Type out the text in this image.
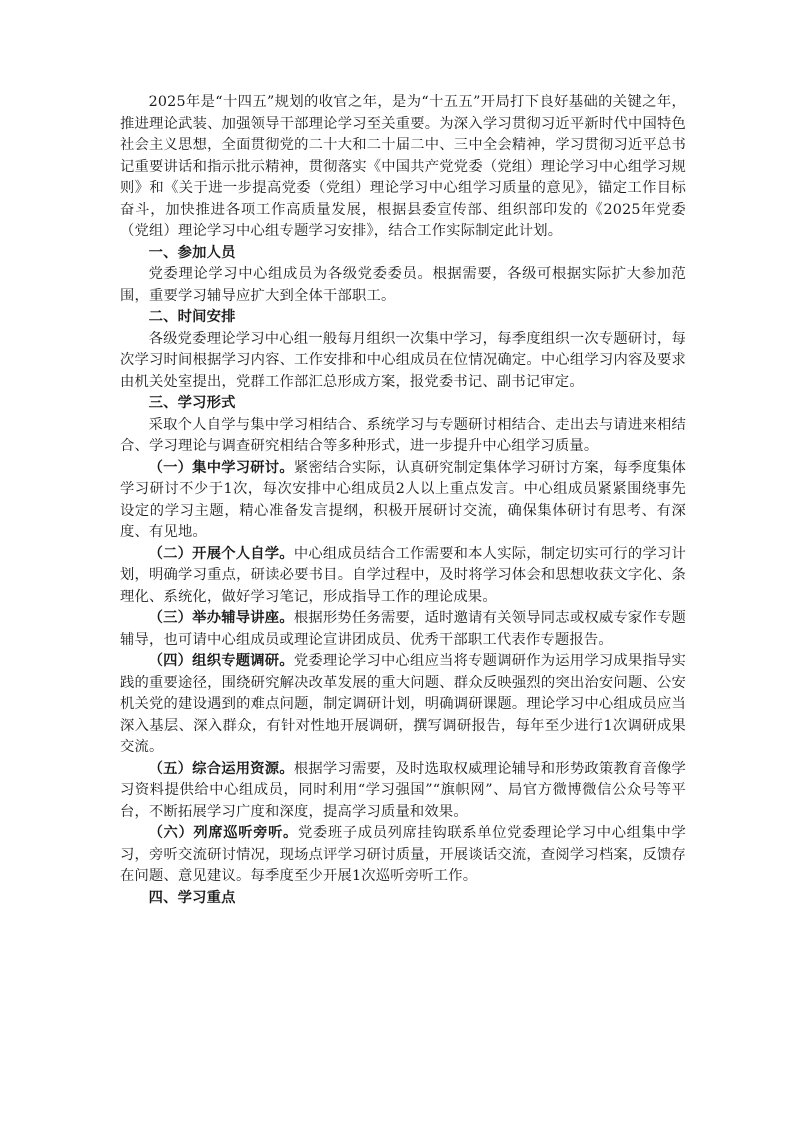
2025年是“十四五”规划的收官之年，是为“十五五”开局打下良好基础的关键之年，推进理论武装、加强领导干部理论学习至关重要。为深入学习贯彻习近平新时代中国特色社会主义思想，全面贯彻党的二十大和二十届二中、三中全会精神，学习贯彻习近平总书记重要讲话和指示批示精神，贯彻落实《中国共产党党委（党组）理论学习中心组学习规则》和《关于进一步提高党委（党组）理论学习中心组学习质量的意见》，锚定工作目标奋斗，加快推进各项工作高质量发展，根据县委宣传部、组织部印发的《2025年党委（党组）理论学习中心组专题学习安排》，结合工作实际制定此计划。

一、参加人员

党委理论学习中心组成员为各级党委委员。根据需要，各级可根据实际扩大参加范围，重要学习辅导应扩大到全体干部职工。

二、时间安排

各级党委理论学习中心组一般每月组织一次集中学习，每季度组织一次专题研讨，每次学习时间根据学习内容、工作安排和中心组成员在位情况确定。中心组学习内容及要求由机关处室提出，党群工作部汇总形成方案，报党委书记、副书记审定。

三、学习形式

采取个人自学与集中学习相结合、系统学习与专题研讨相结合、走出去与请进来相结合、学习理论与调查研究相结合等多种形式，进一步提升中心组学习质量。

（一）集中学习研讨。紧密结合实际，认真研究制定集体学习研讨方案，每季度集体学习研讨不少于1次，每次安排中心组成员2人以上重点发言。中心组成员紧紧围绕事先设定的学习主题，精心准备发言提纲，积极开展研讨交流，确保集体研讨有思考、有深度、有见地。

（二）开展个人自学。中心组成员结合工作需要和本人实际，制定切实可行的学习计划，明确学习重点，研读必要书目。自学过程中，及时将学习体会和思想收获文字化、条理化、系统化，做好学习笔记，形成指导工作的理论成果。

（三）举办辅导讲座。根据形势任务需要，适时邀请有关领导同志或权威专家作专题辅导，也可请中心组成员或理论宣讲团成员、优秀干部职工代表作专题报告。

（四）组织专题调研。党委理论学习中心组应当将专题调研作为运用学习成果指导实践的重要途径，围绕研究解决改革发展的重大问题、群众反映强烈的突出治安问题、公安机关党的建设遇到的难点问题，制定调研计划，明确调研课题。理论学习中心组成员应当深入基层、深入群众，有针对性地开展调研，撰写调研报告，每年至少进行1次调研成果交流。

（五）综合运用资源。根据学习需要，及时选取权威理论辅导和形势政策教育音像学习资料提供给中心组成员，同时利用“学习强国”“旗帜网”、局官方微博微信公众号等平台，不断拓展学习广度和深度，提高学习质量和效果。

（六）列席巡听旁听。党委班子成员列席挂钩联系单位党委理论学习中心组集中学习，旁听交流研讨情况，现场点评学习研讨质量，开展谈话交流，查阅学习档案，反馈存在问题、意见建议。每季度至少开展1次巡听旁听工作。

四、学习重点
